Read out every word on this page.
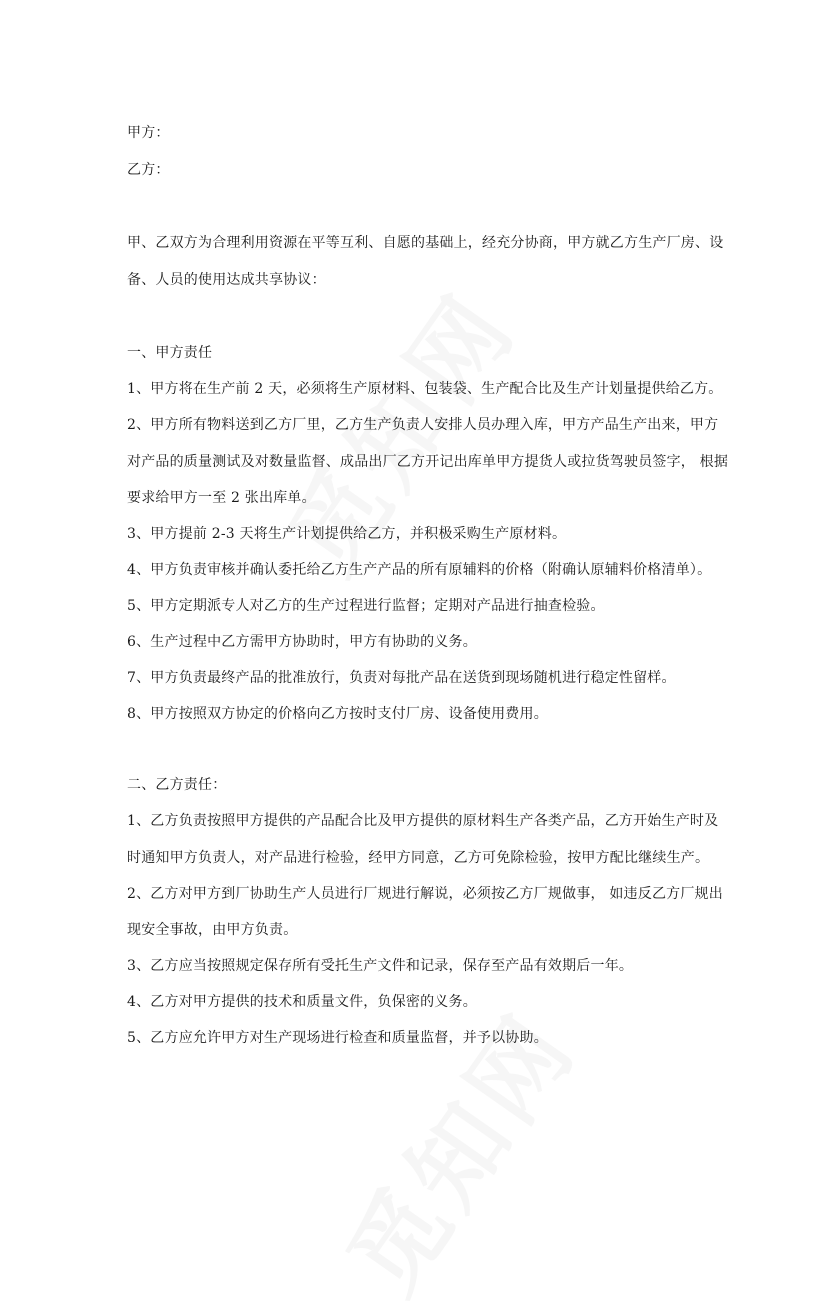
甲方：
乙方：
甲、乙双方为合理利用资源在平等互利、自愿的基础上，经充分协商，甲方就乙方生产厂房、设
备、人员的使用达成共享协议：
一、甲方责任
1、甲方将在生产前 2 天，必须将生产原材料、包装袋、生产配合比及生产计划量提供给乙方。
2、甲方所有物料送到乙方厂里，乙方生产负责人安排人员办理入库，甲方产品生产出来，甲方
对产品的质量测试及对数量监督、成品出厂乙方开记出库单甲方提货人或拉货驾驶员签字， 根据
要求给甲方一至 2 张出库单。
3、甲方提前 2-3 天将生产计划提供给乙方，并积极采购生产原材料。
4、甲方负责审核并确认委托给乙方生产产品的所有原辅料的价格（附确认原辅料价格清单）。
5、甲方定期派专人对乙方的生产过程进行监督；定期对产品进行抽查检验。
6、生产过程中乙方需甲方协助时，甲方有协助的义务。
7、甲方负责最终产品的批准放行，负责对每批产品在送货到现场随机进行稳定性留样。
8、甲方按照双方协定的价格向乙方按时支付厂房、设备使用费用。
二、乙方责任：
1、乙方负责按照甲方提供的产品配合比及甲方提供的原材料生产各类产品，乙方开始生产时及
时通知甲方负责人，对产品进行检验，经甲方同意，乙方可免除检验，按甲方配比继续生产。
2、乙方对甲方到厂协助生产人员进行厂规进行解说，必须按乙方厂规做事， 如违反乙方厂规出
现安全事故，由甲方负责。
3、乙方应当按照规定保存所有受托生产文件和记录，保存至产品有效期后一年。
4、乙方对甲方提供的技术和质量文件，负保密的义务。
5、乙方应允许甲方对生产现场进行检查和质量监督，并予以协助。
